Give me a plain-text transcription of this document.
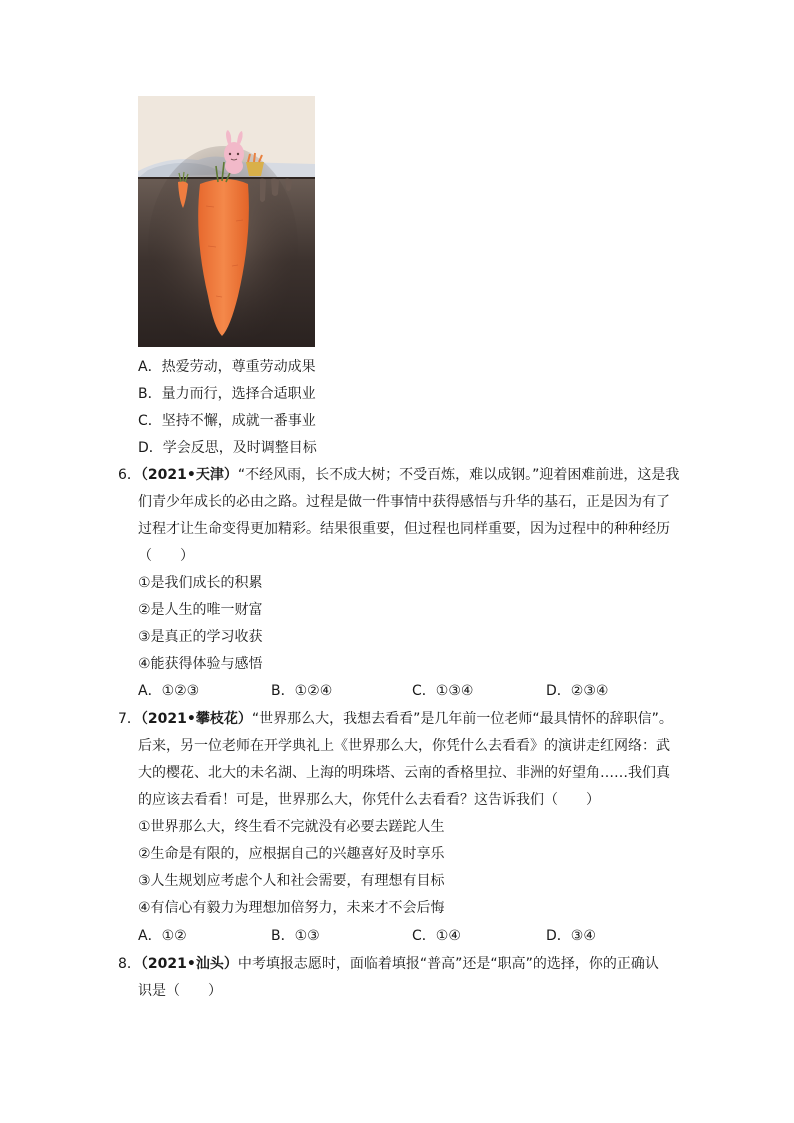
A．热爱劳动，尊重劳动成果
B．量力而行，选择合适职业
C．坚持不懈，成就一番事业
D．学会反思，及时调整目标
6．（2021•天津）“不经风雨，长不成大树；不受百炼，难以成钢。”迎着困难前进，这是我
们青少年成长的必由之路。过程是做一件事情中获得感悟与升华的基石，正是因为有了
过程才让生命变得更加精彩。结果很重要，但过程也同样重要，因为过程中的种种经历
（　　）
①是我们成长的积累
②是人生的唯一财富
③是真正的学习收获
④能获得体验与感悟
A．①②③	B．①②④	C．①③④	D．②③④
7．（2021•攀枝花）“世界那么大，我想去看看”是几年前一位老师“最具情怀的辞职信”。
后来，另一位老师在开学典礼上《世界那么大，你凭什么去看看》的演讲走红网络：武
大的樱花、北大的未名湖、上海的明珠塔、云南的香格里拉、非洲的好望角……我们真
的应该去看看！可是，世界那么大，你凭什么去看看？这告诉我们（　　）
①世界那么大，终生看不完就没有必要去蹉跎人生
②生命是有限的，应根据自己的兴趣喜好及时享乐
③人生规划应考虑个人和社会需要，有理想有目标
④有信心有毅力为理想加倍努力，未来才不会后悔
A．①②	B．①③	C．①④	D．③④
8．（2021•汕头）中考填报志愿时，面临着填报“普高”还是“职高”的选择，你的正确认
识是（　　）
